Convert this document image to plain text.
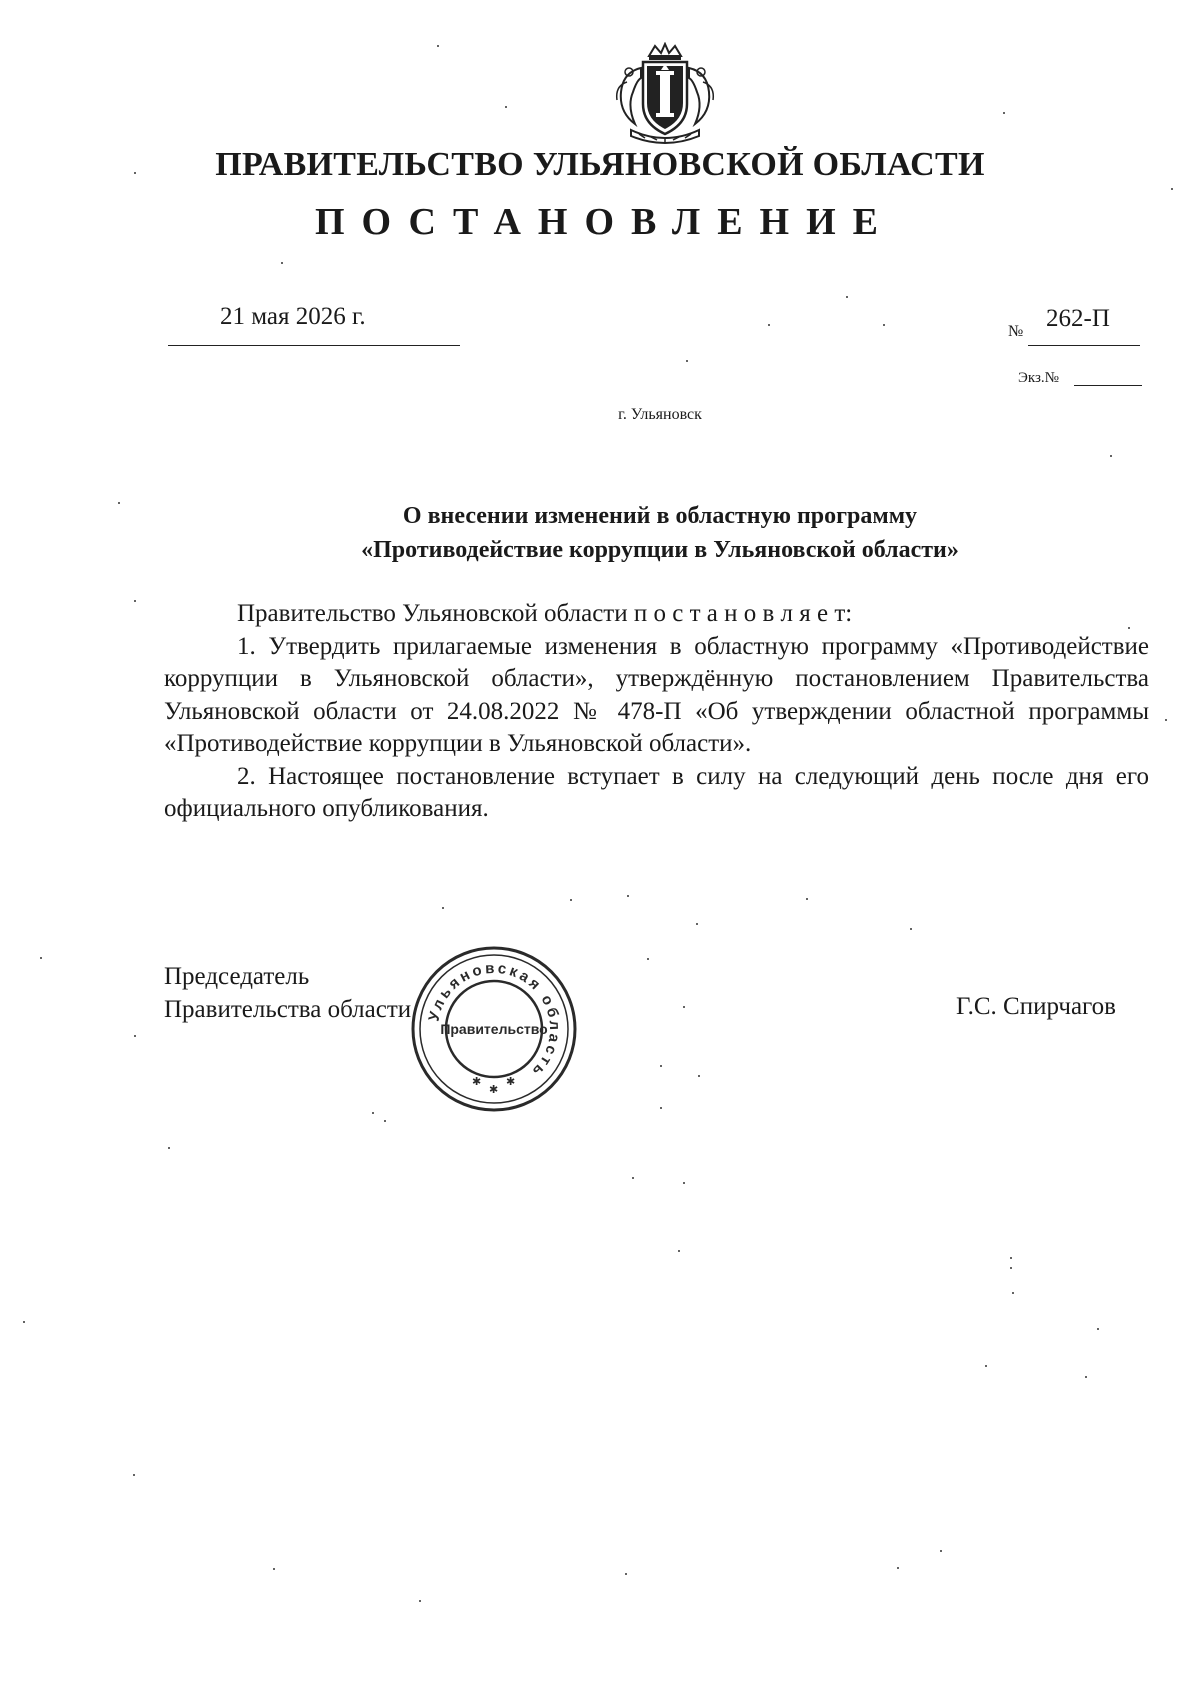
ПРАВИТЕЛЬСТВО УЛЬЯНОВСКОЙ ОБЛАСТИ
ПОСТАНОВЛЕНИЕ
21 мая 2026 г.
№ 262-П
Экз.№
г. Ульяновск
О внесении изменений в областную программу
«Противодействие коррупции в Ульяновской области»

Правительство Ульяновской области п о с т а н о в л я е т:

1. Утвердить прилагаемые изменения в областную программу «Противодействие коррупции в Ульяновской области», утверждённую постановлением Правительства Ульяновской области от 24.08.2022 № 478-П «Об утверждении областной программы «Противодействие коррупции в Ульяновской области».

2. Настоящее постановление вступает в силу на следующий день после дня его официального опубликования.

Председатель
Правительства области	Г.С. Спирчагов
Ульяновская область
Правительство
✱
✱
✱
